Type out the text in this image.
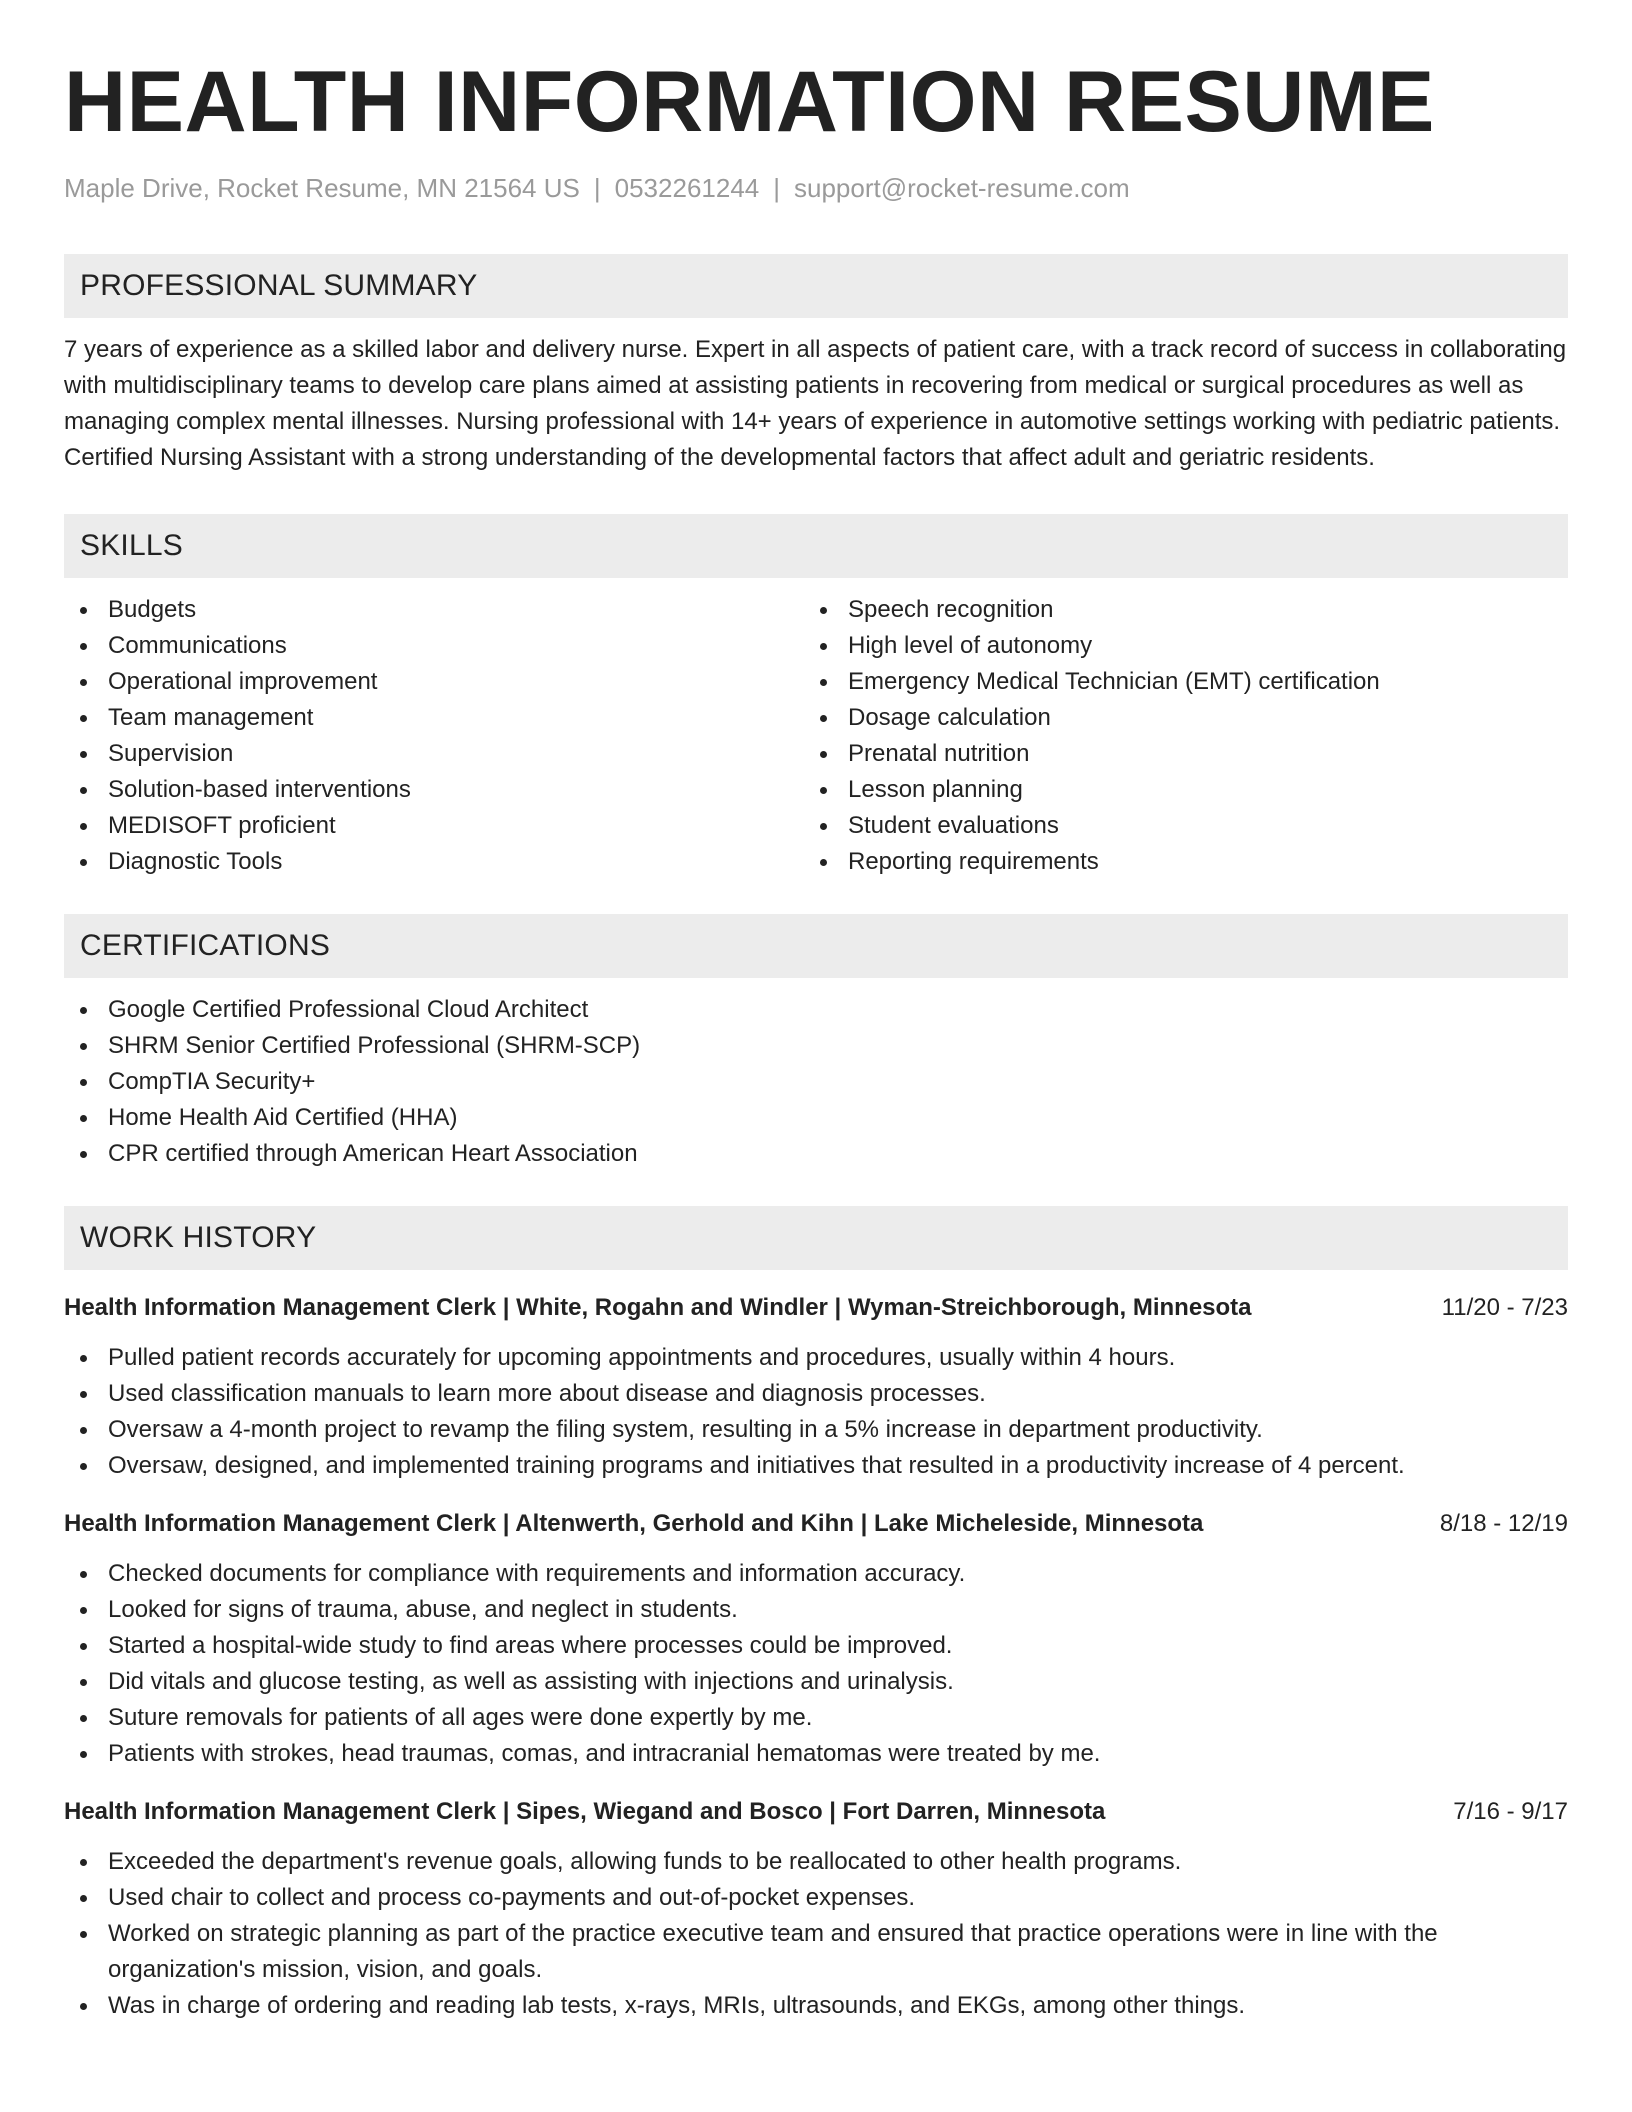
HEALTH INFORMATION RESUME
Maple Drive, Rocket Resume, MN 21564 US | 0532261244 | support@rocket-resume.com
PROFESSIONAL SUMMARY
7 years of experience as a skilled labor and delivery nurse. Expert in all aspects of patient care, with a track record of success in collaborating with multidisciplinary teams to develop care plans aimed at assisting patients in recovering from medical or surgical procedures as well as managing complex mental illnesses. Nursing professional with 14+ years of experience in automotive settings working with pediatric patients. Certified Nursing Assistant with a strong understanding of the developmental factors that affect adult and geriatric residents.
SKILLS
Budgets
Communications
Operational improvement
Team management
Supervision
Solution-based interventions
MEDISOFT proficient
Diagnostic Tools
Speech recognition
High level of autonomy
Emergency Medical Technician (EMT) certification
Dosage calculation
Prenatal nutrition
Lesson planning
Student evaluations
Reporting requirements
CERTIFICATIONS
Google Certified Professional Cloud Architect
SHRM Senior Certified Professional (SHRM-SCP)
CompTIA Security+
Home Health Aid Certified (HHA)
CPR certified through American Heart Association
WORK HISTORY
Health Information Management Clerk | White, Rogahn and Windler | Wyman-Streichborough, Minnesota	11/20 - 7/23
Pulled patient records accurately for upcoming appointments and procedures, usually within 4 hours.
Used classification manuals to learn more about disease and diagnosis processes.
Oversaw a 4-month project to revamp the filing system, resulting in a 5% increase in department productivity.
Oversaw, designed, and implemented training programs and initiatives that resulted in a productivity increase of 4 percent.
Health Information Management Clerk | Altenwerth, Gerhold and Kihn | Lake Micheleside, Minnesota	8/18 - 12/19
Checked documents for compliance with requirements and information accuracy.
Looked for signs of trauma, abuse, and neglect in students.
Started a hospital-wide study to find areas where processes could be improved.
Did vitals and glucose testing, as well as assisting with injections and urinalysis.
Suture removals for patients of all ages were done expertly by me.
Patients with strokes, head traumas, comas, and intracranial hematomas were treated by me.
Health Information Management Clerk | Sipes, Wiegand and Bosco | Fort Darren, Minnesota	7/16 - 9/17
Exceeded the department's revenue goals, allowing funds to be reallocated to other health programs.
Used chair to collect and process co-payments and out-of-pocket expenses.
Worked on strategic planning as part of the practice executive team and ensured that practice operations were in line with the organization's mission, vision, and goals.
Was in charge of ordering and reading lab tests, x-rays, MRIs, ultrasounds, and EKGs, among other things.
